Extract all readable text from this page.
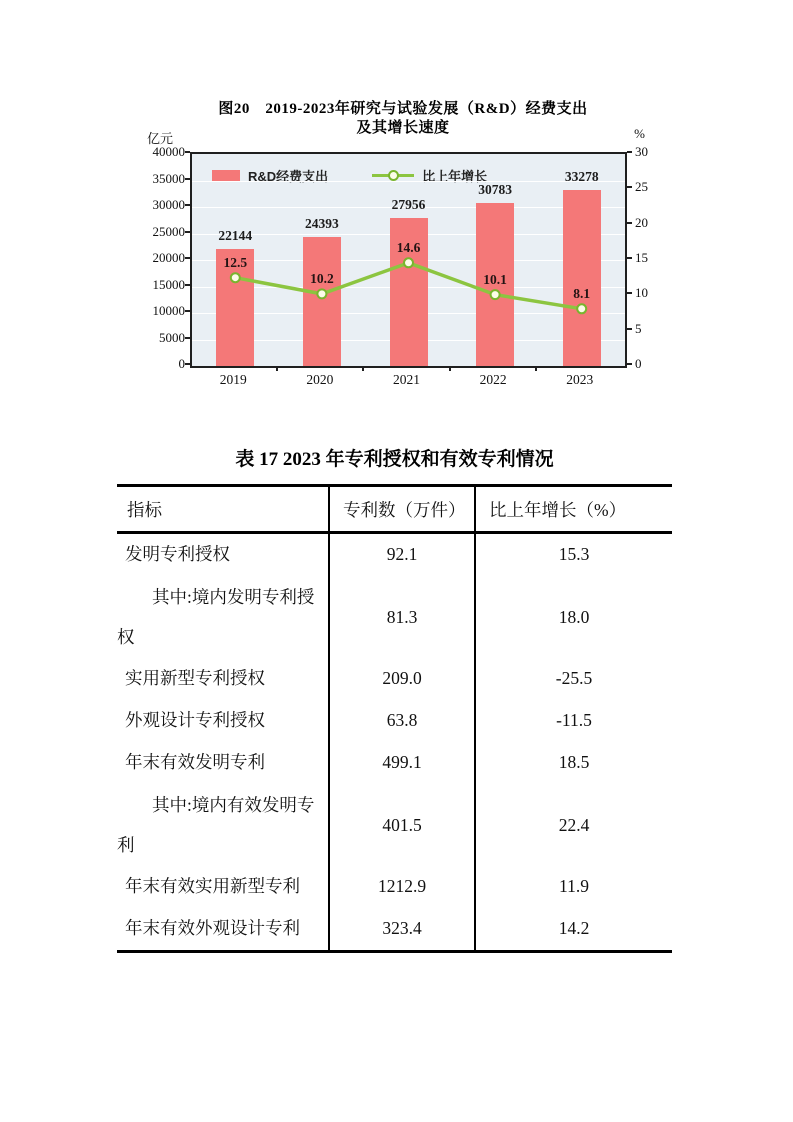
图20　2019-2023年研究与试验发展（R&D）经费支出
及其增长速度
亿元	%
R&D经费支出	比上年增长
22144
24393
27956
30783
33278
12.5
10.2
14.6
10.1
8.1
0
5000
10000
15000
20000
25000
30000
35000
40000
0
5
10
15
20
25
30
2019	2020	2021	2022	2023
表 17 2023 年专利授权和有效专利情况
指标	专利数（万件）	比上年增长（%）
发明专利授权	92.1	15.3
其中:境内发明专利授权	81.3	18.0
实用新型专利授权	209.0	-25.5
外观设计专利授权	63.8	-11.5
年末有效发明专利	499.1	18.5
其中:境内有效发明专利	401.5	22.4
年末有效实用新型专利	1212.9	11.9
年末有效外观设计专利	323.4	14.2
